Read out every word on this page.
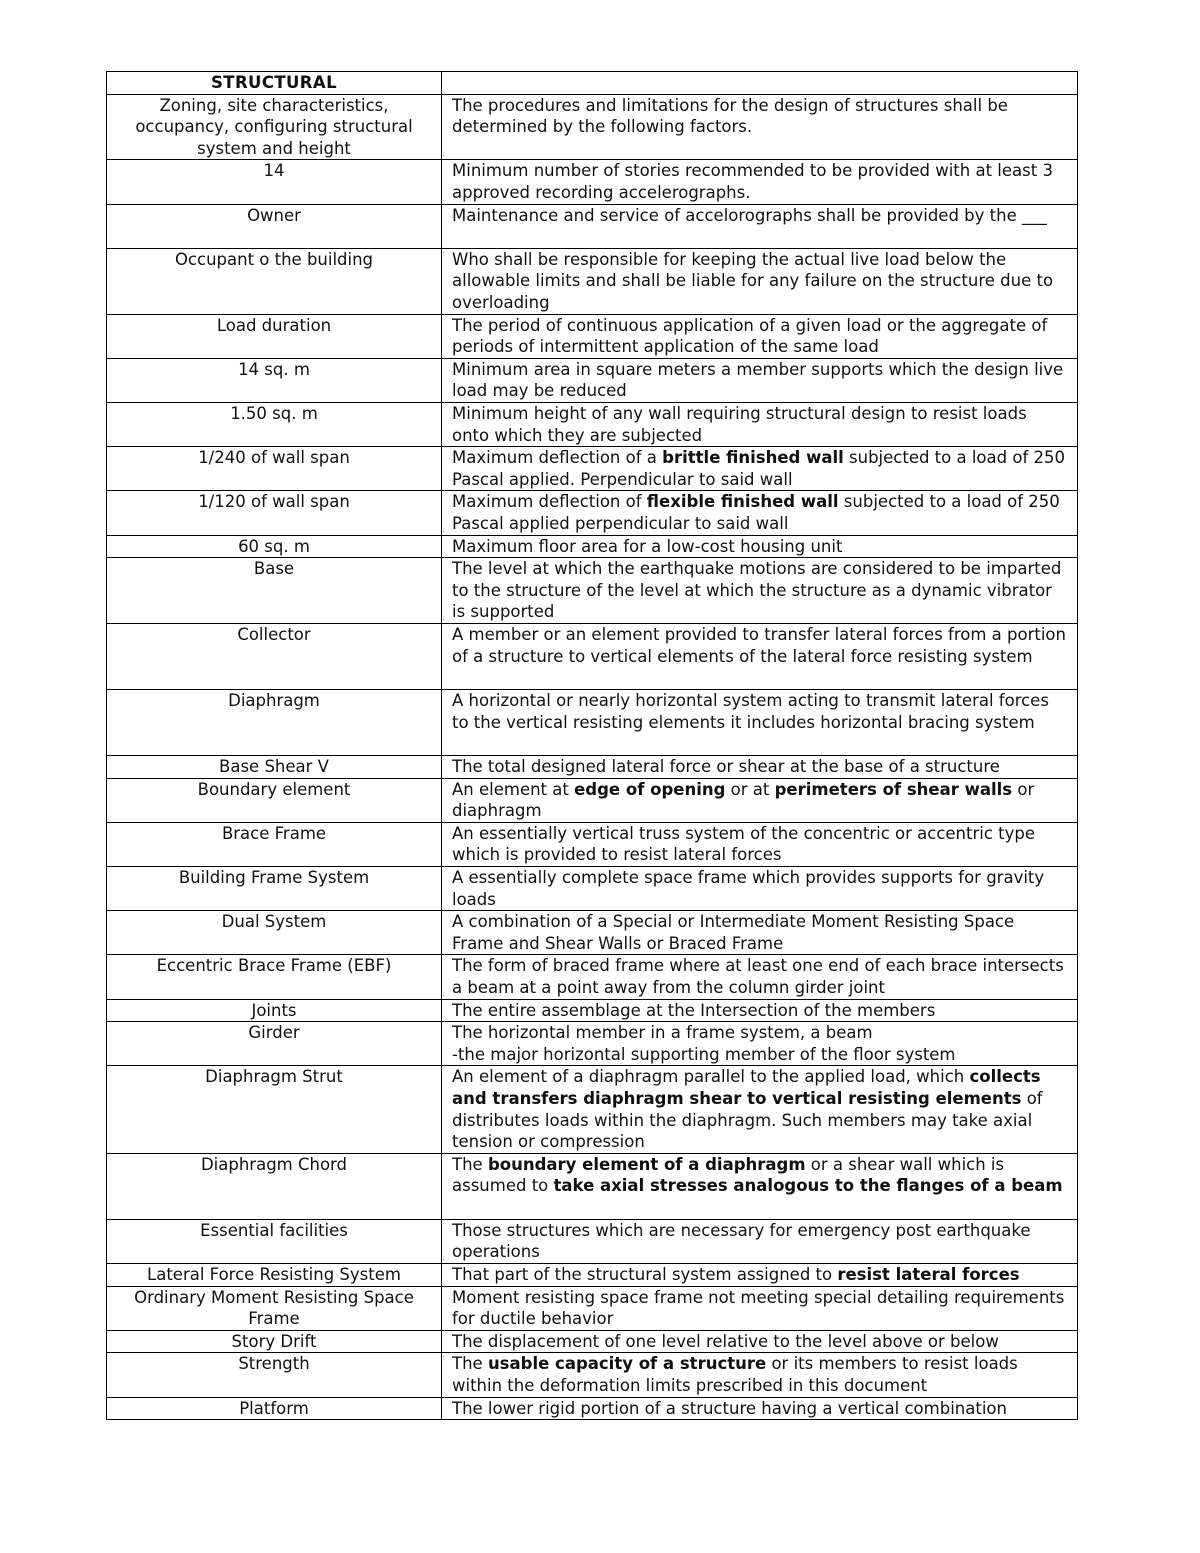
STRUCTURAL	
Zoning, site characteristics, occupancy, configuring structural system and height	The procedures and limitations for the design of structures shall be determined by the following factors.
14	Minimum number of stories recommended to be provided with at least 3 approved recording accelerographs.
Owner	Maintenance and service of accelorographs shall be provided by the ___
Occupant o the building	Who shall be responsible for keeping the actual live load below the allowable limits and shall be liable for any failure on the structure due to overloading
Load duration	The period of continuous application of a given load or the aggregate of periods of intermittent application of the same load
14 sq. m	Minimum area in square meters a member supports which the design live load may be reduced
1.50 sq. m	Minimum height of any wall requiring structural design to resist loads onto which they are subjected
1/240 of wall span	Maximum deflection of a brittle finished wall subjected to a load of 250 Pascal applied. Perpendicular to said wall
1/120 of wall span	Maximum deflection of flexible finished wall subjected to a load of 250 Pascal applied perpendicular to said wall
60 sq. m	Maximum floor area for a low-cost housing unit
Base	The level at which the earthquake motions are considered to be imparted to the structure of the level at which the structure as a dynamic vibrator is supported
Collector	A member or an element provided to transfer lateral forces from a portion of a structure to vertical elements of the lateral force resisting system
Diaphragm	A horizontal or nearly horizontal system acting to transmit lateral forces to the vertical resisting elements it includes horizontal bracing system
Base Shear V	The total designed lateral force or shear at the base of a structure
Boundary element	An element at edge of opening or at perimeters of shear walls or diaphragm
Brace Frame	An essentially vertical truss system of the concentric or accentric type which is provided to resist lateral forces
Building Frame System	A essentially complete space frame which provides supports for gravity loads
Dual System	A combination of a Special or Intermediate Moment Resisting Space Frame and Shear Walls or Braced Frame
Eccentric Brace Frame (EBF)	The form of braced frame where at least one end of each brace intersects a beam at a point away from the column girder joint
Joints	The entire assemblage at the Intersection of the members
Girder	The horizontal member in a frame system, a beam
-the major horizontal supporting member of the floor system
Diaphragm Strut	An element of a diaphragm parallel to the applied load, which collects and transfers diaphragm shear to vertical resisting elements of distributes loads within the diaphragm. Such members may take axial tension or compression
Diaphragm Chord	The boundary element of a diaphragm or a shear wall which is assumed to take axial stresses analogous to the flanges of a beam
Essential facilities	Those structures which are necessary for emergency post earthquake operations
Lateral Force Resisting System	That part of the structural system assigned to resist lateral forces
Ordinary Moment Resisting Space Frame	Moment resisting space frame not meeting special detailing requirements for ductile behavior
Story Drift	The displacement of one level relative to the level above or below
Strength	The usable capacity of a structure or its members to resist loads within the deformation limits prescribed in this document
Platform	The lower rigid portion of a structure having a vertical combination
